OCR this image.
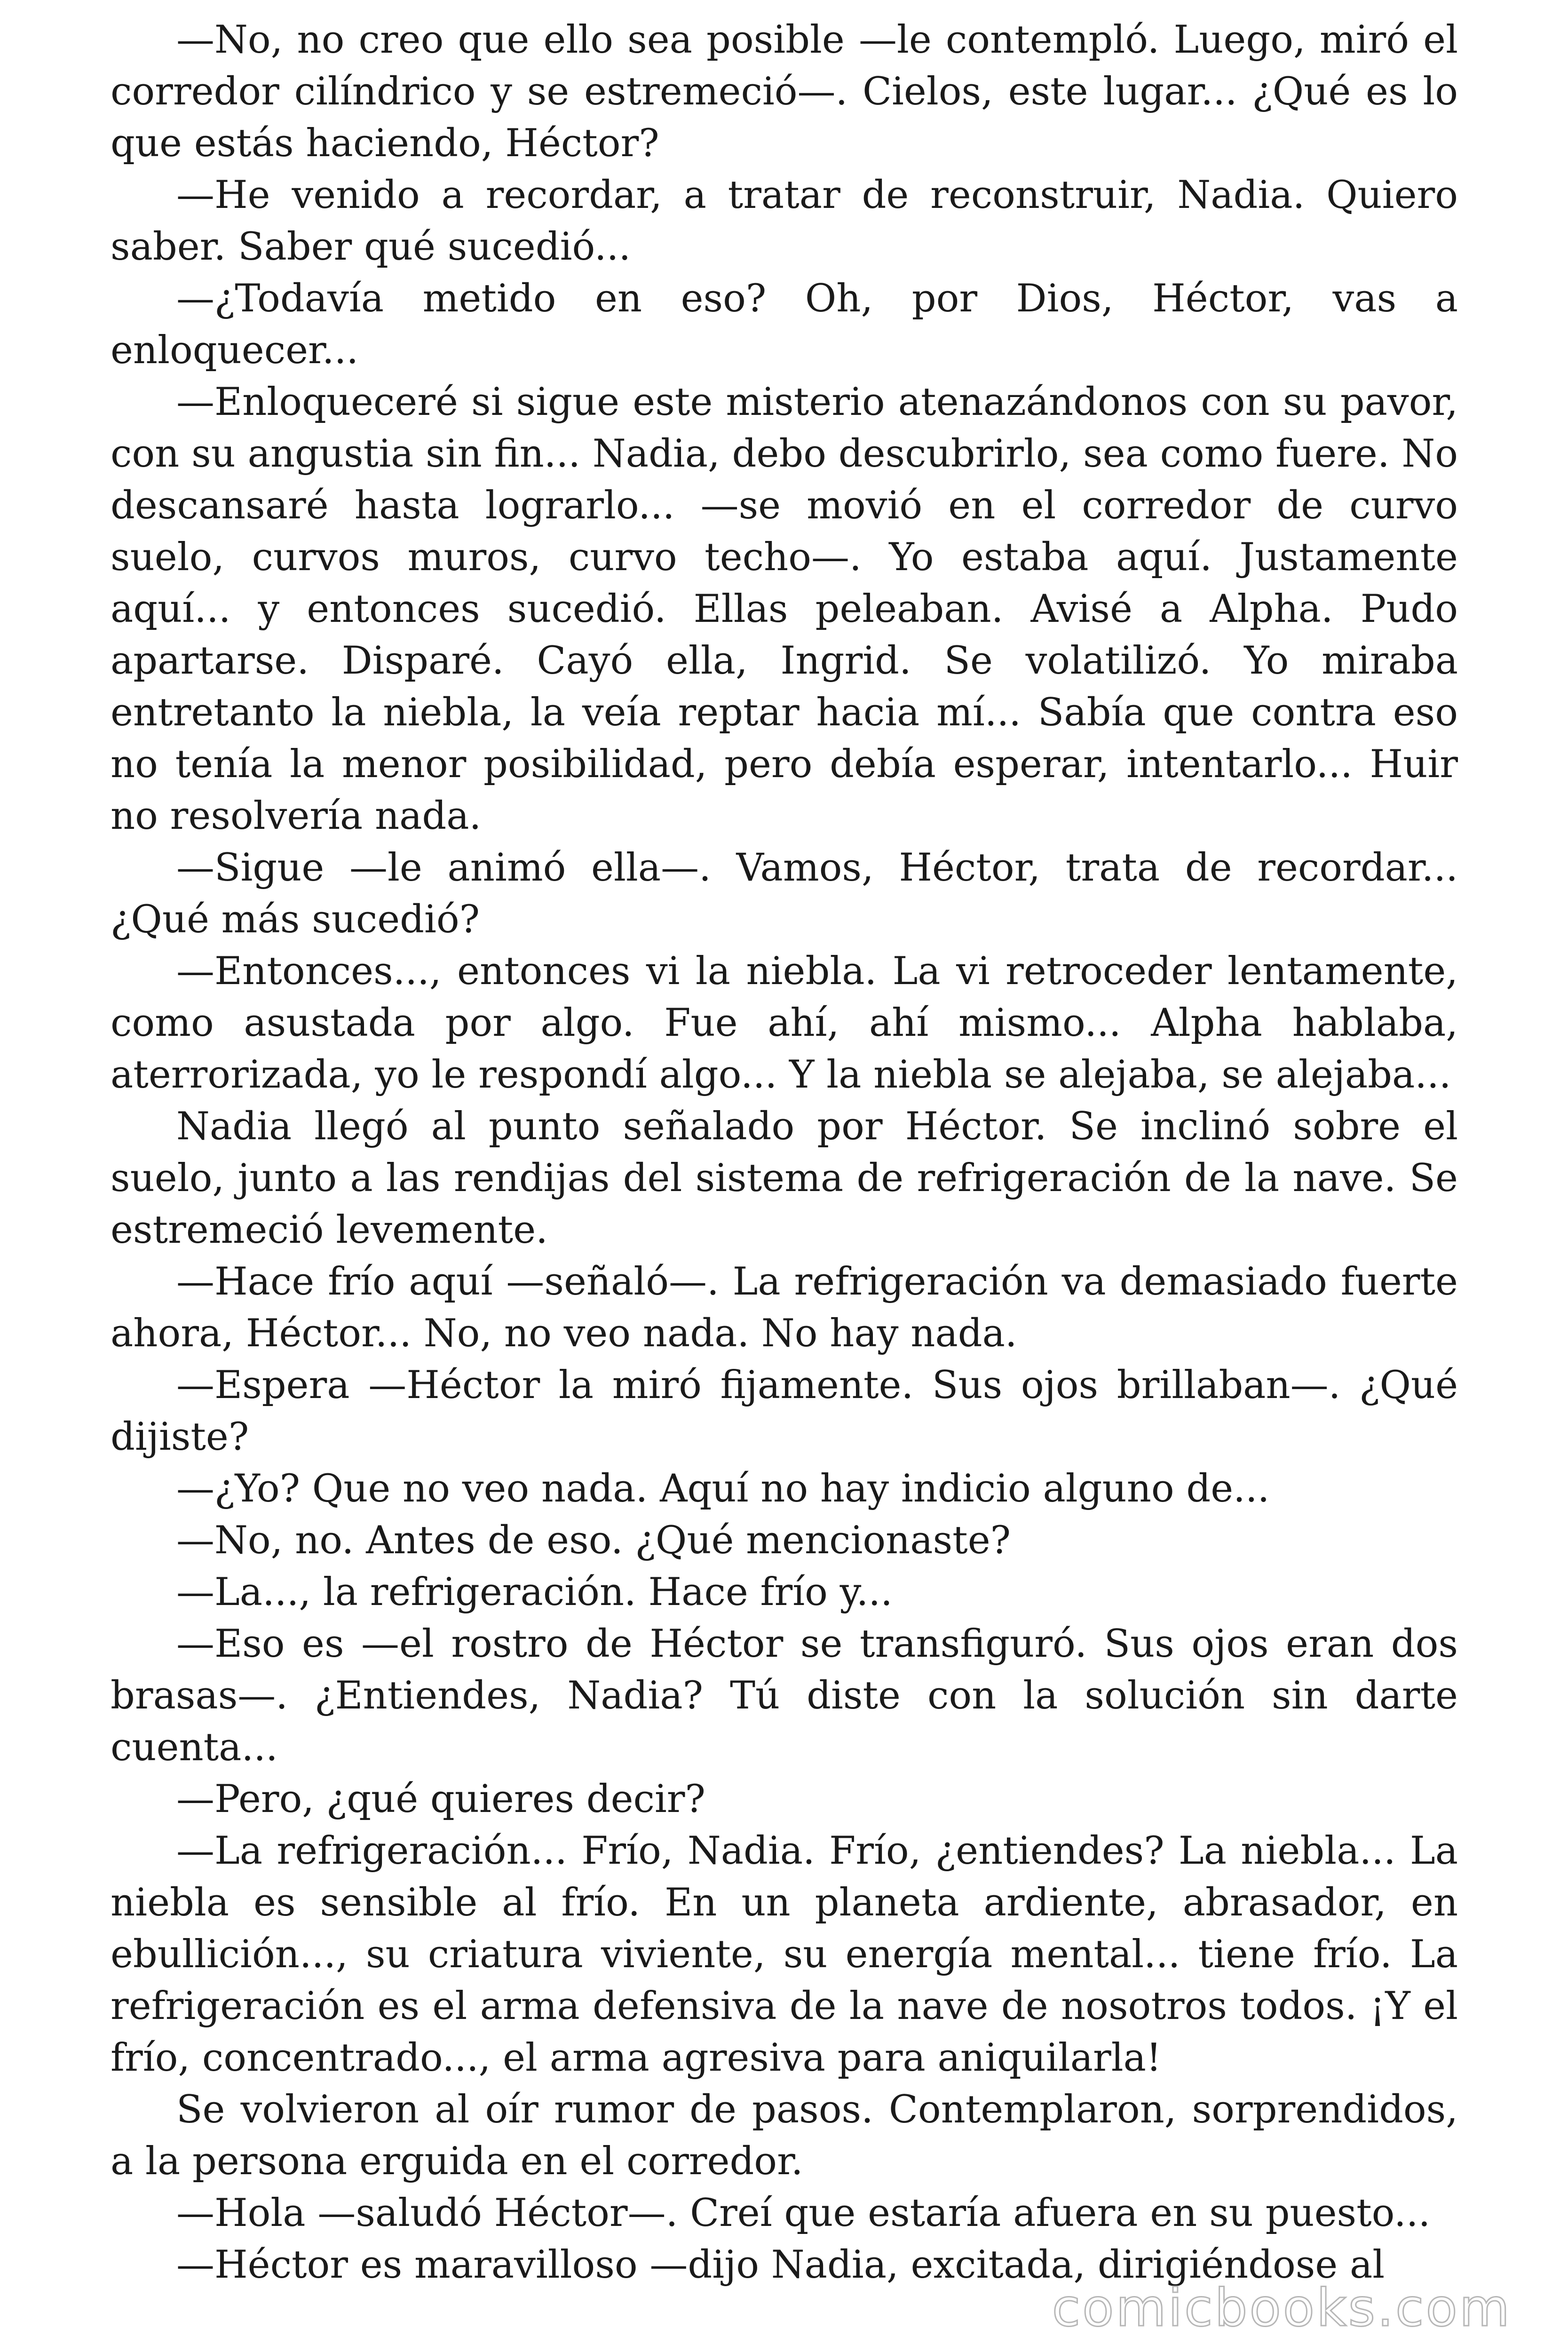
—No, no creo que ello sea posible —le contempló. Luego, miró el corredor cilíndrico y se estremeció—. Cielos, este lugar... ¿Qué es lo que estás haciendo, Héctor?

—He venido a recordar, a tratar de reconstruir, Nadia. Quiero saber. Saber qué sucedió...

—¿Todavía metido en eso? Oh, por Dios, Héctor, vas a enloquecer...

—Enloqueceré si sigue este misterio atenazándonos con su pavor, con su angustia sin fin... Nadia, debo descubrirlo, sea como fuere. No descansaré hasta lograrlo... —se movió en el corredor de curvo suelo, curvos muros, curvo techo—. Yo estaba aquí. Justamente aquí... y entonces sucedió. Ellas peleaban. Avisé a Alpha. Pudo apartarse. Disparé. Cayó ella, Ingrid. Se volatilizó. Yo miraba entretanto la niebla, la veía reptar hacia mí... Sabía que contra eso no tenía la menor posibilidad, pero debía esperar, intentarlo... Huir no resolvería nada.

—Sigue —le animó ella—. Vamos, Héctor, trata de recordar... ¿Qué más sucedió?

—Entonces..., entonces vi la niebla. La vi retroceder lentamente, como asustada por algo. Fue ahí, ahí mismo... Alpha hablaba, aterrorizada, yo le respondí algo... Y la niebla se alejaba, se alejaba...

Nadia llegó al punto señalado por Héctor. Se inclinó sobre el suelo, junto a las rendijas del sistema de refrigeración de la nave. Se estremeció levemente.

—Hace frío aquí —señaló—. La refrigeración va demasiado fuerte ahora, Héctor... No, no veo nada. No hay nada.

—Espera —Héctor la miró fijamente. Sus ojos brillaban—. ¿Qué dijiste?

—¿Yo? Que no veo nada. Aquí no hay indicio alguno de...

—No, no. Antes de eso. ¿Qué mencionaste?

—La..., la refrigeración. Hace frío y...

—Eso es —el rostro de Héctor se transfiguró. Sus ojos eran dos brasas—. ¿Entiendes, Nadia? Tú diste con la solución sin darte cuenta...

—Pero, ¿qué quieres decir?

—La refrigeración... Frío, Nadia. Frío, ¿entiendes? La niebla... La niebla es sensible al frío. En un planeta ardiente, abrasador, en ebullición..., su criatura viviente, su energía mental... tiene frío. La refrigeración es el arma defensiva de la nave de nosotros todos. ¡Y el frío, concentrado..., el arma agresiva para aniquilarla!

Se volvieron al oír rumor de pasos. Contemplaron, sorprendidos, a la persona erguida en el corredor.

—Hola —saludó Héctor—. Creí que estaría afuera en su puesto...

—Héctor es maravilloso —dijo Nadia, excitada, dirigiéndose al

comicbooks.com
